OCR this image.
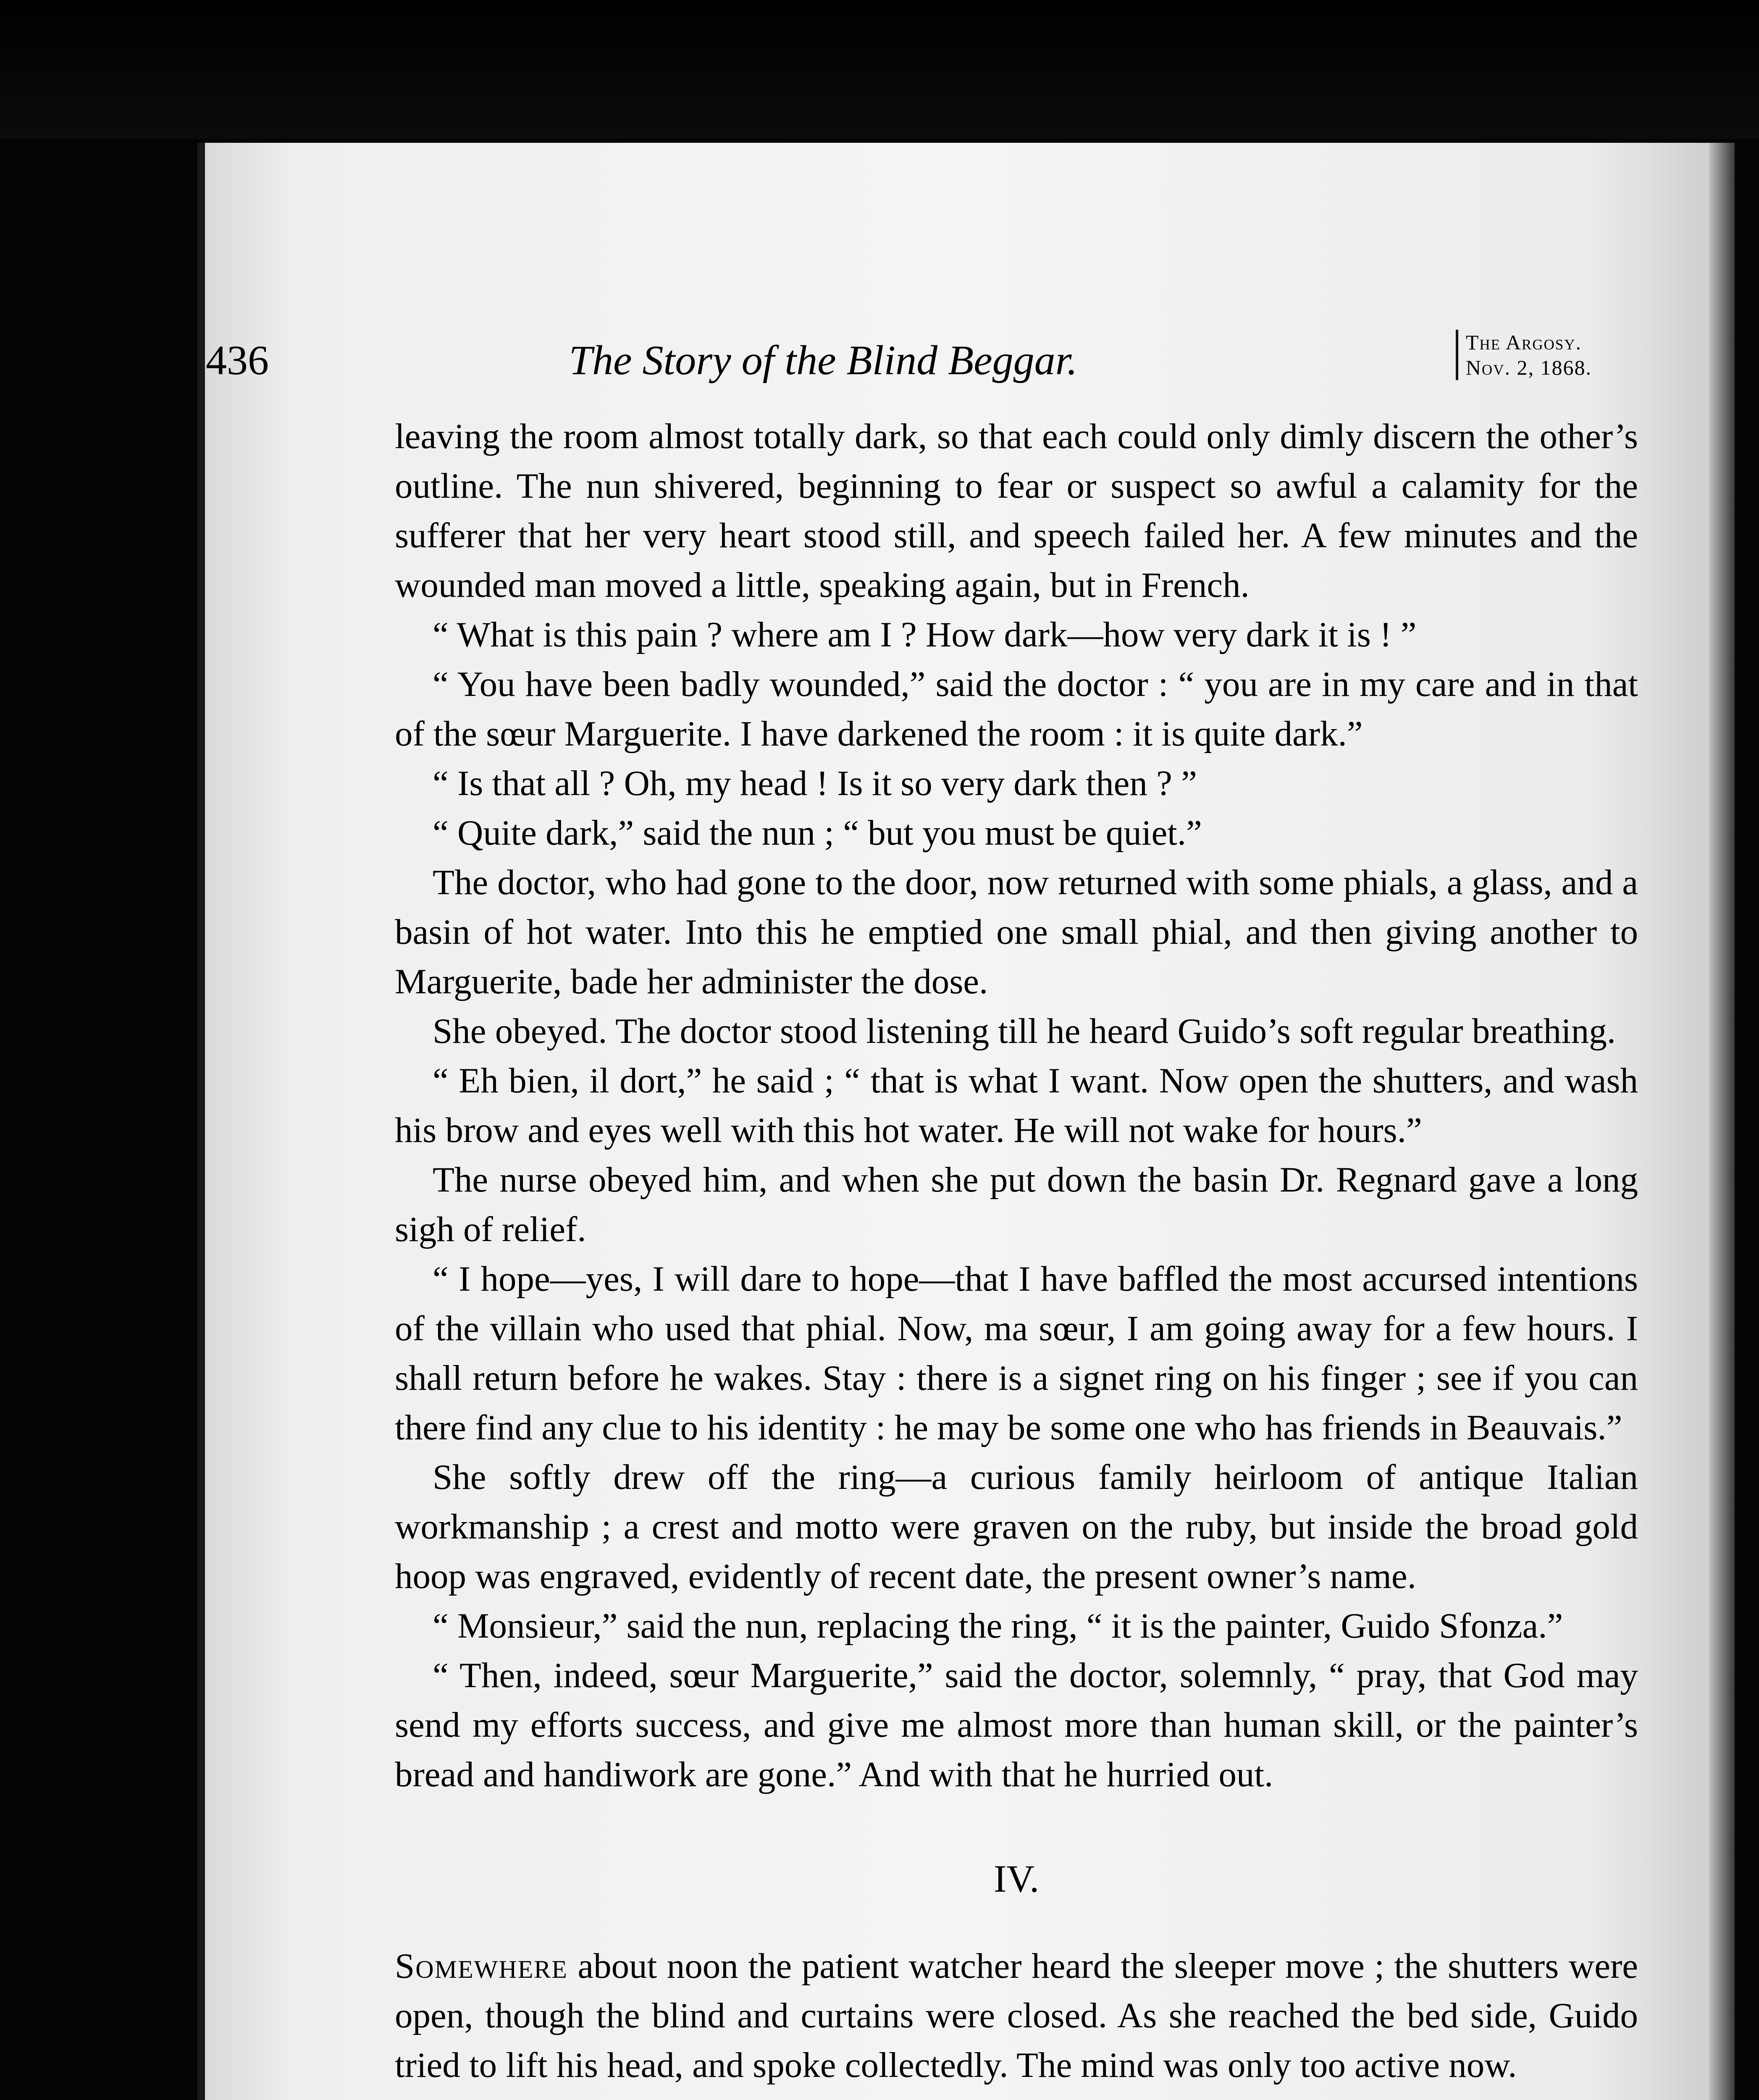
436	The Story of the Blind Beggar.	The Argosy.
Nov. 2, 1868.

leaving the room almost totally dark, so that each could only dimly discern the other’s outline. The nun shivered, beginning to fear or suspect so awful a calamity for the sufferer that her very heart stood still, and speech failed her. A few minutes and the wounded man moved a little, speaking again, but in French.

“ What is this pain ? where am I ? How dark—how very dark it is ! ”

“ You have been badly wounded,” said the doctor : “ you are in my care and in that of the sœur Marguerite. I have darkened the room : it is quite dark.”

“ Is that all ? Oh, my head ! Is it so very dark then ? ”

“ Quite dark,” said the nun ; “ but you must be quiet.”

The doctor, who had gone to the door, now returned with some phials, a glass, and a basin of hot water. Into this he emptied one small phial, and then giving another to Marguerite, bade her administer the dose.

She obeyed. The doctor stood listening till he heard Guido’s soft regular breathing.

“ Eh bien, il dort,” he said ; “ that is what I want. Now open the shutters, and wash his brow and eyes well with this hot water. He will not wake for hours.”

The nurse obeyed him, and when she put down the basin Dr. Regnard gave a long sigh of relief.

“ I hope—yes, I will dare to hope—that I have baffled the most accursed intentions of the villain who used that phial. Now, ma sœur, I am going away for a few hours. I shall return before he wakes. Stay : there is a signet ring on his finger ; see if you can there find any clue to his identity : he may be some one who has friends in Beauvais.”

She softly drew off the ring—a curious family heirloom of antique Italian workmanship ; a crest and motto were graven on the ruby, but inside the broad gold hoop was engraved, evidently of recent date, the present owner’s name.

“ Monsieur,” said the nun, replacing the ring, “ it is the painter, Guido Sfonza.”

“ Then, indeed, sœur Marguerite,” said the doctor, solemnly, “ pray, that God may send my efforts success, and give me almost more than human skill, or the painter’s bread and handiwork are gone.” And with that he hurried out.

IV.

Somewhere about noon the patient watcher heard the sleeper move ; the shutters were open, though the blind and curtains were closed. As she reached the bed side, Guido tried to lift his head, and spoke collectedly. The mind was only too active now.
